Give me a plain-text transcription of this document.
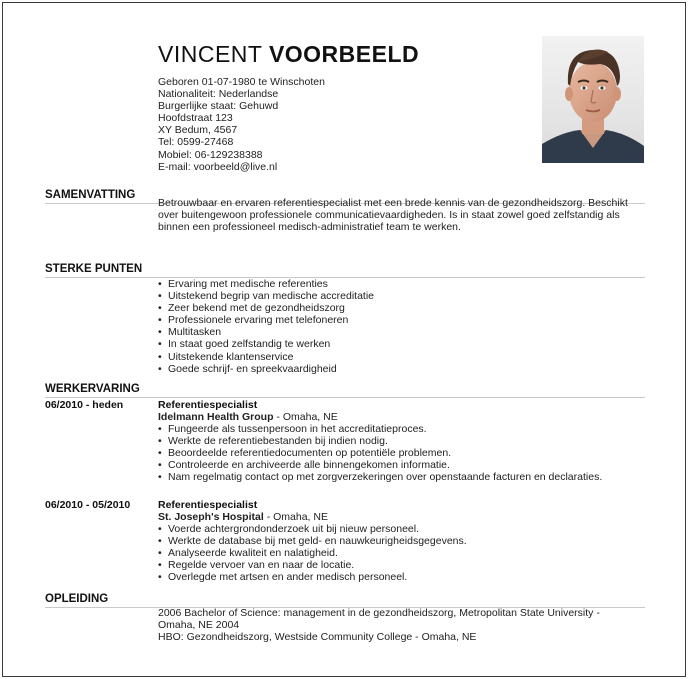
VINCENT VOORBEELD
Geboren 01-07-1980 te Winschoten
Nationaliteit: Nederlandse
Burgerlijke staat: Gehuwd
Hoofdstraat 123
XY Bedum, 4567
Tel: 0599-27468
Mobiel: 06-129238388
E-mail: voorbeeld@live.nl
SAMENVATTING
Betrouwbaar en ervaren referentiespecialist met een brede kennis van de gezondheidszorg. Beschikt over buitengewoon professionele communicatievaardigheden. Is in staat zowel goed zelfstandig als binnen een professioneel medisch-administratief team te werken.
STERKE PUNTEN
• Ervaring met medische referenties
• Uitstekend begrip van medische accreditatie
• Zeer bekend met de gezondheidszorg
• Professionele ervaring met telefoneren
• Multitasken
• In staat goed zelfstandig te werken
• Uitstekende klantenservice
• Goede schrijf- en spreekvaardigheid
WERKERVARING
06/2010 - heden	Referentiespecialist
Idelmann Health Group - Omaha, NE
• Fungeerde als tussenpersoon in het accreditatieproces.
• Werkte de referentiebestanden bij indien nodig.
• Beoordeelde referentiedocumenten op potentiële problemen.
• Controleerde en archiveerde alle binnengekomen informatie.
• Nam regelmatig contact op met zorgverzekeringen over openstaande facturen en declaraties.
06/2010 - 05/2010	Referentiespecialist
St. Joseph's Hospital - Omaha, NE
• Voerde achtergrondonderzoek uit bij nieuw personeel.
• Werkte de database bij met geld- en nauwkeurigheidsgegevens.
• Analyseerde kwaliteit en nalatigheid.
• Regelde vervoer van en naar de locatie.
• Overlegde met artsen en ander medisch personeel.
OPLEIDING
2006 Bachelor of Science: management in de gezondheidszorg, Metropolitan State University - Omaha, NE 2004
HBO: Gezondheidszorg, Westside Community College - Omaha, NE
